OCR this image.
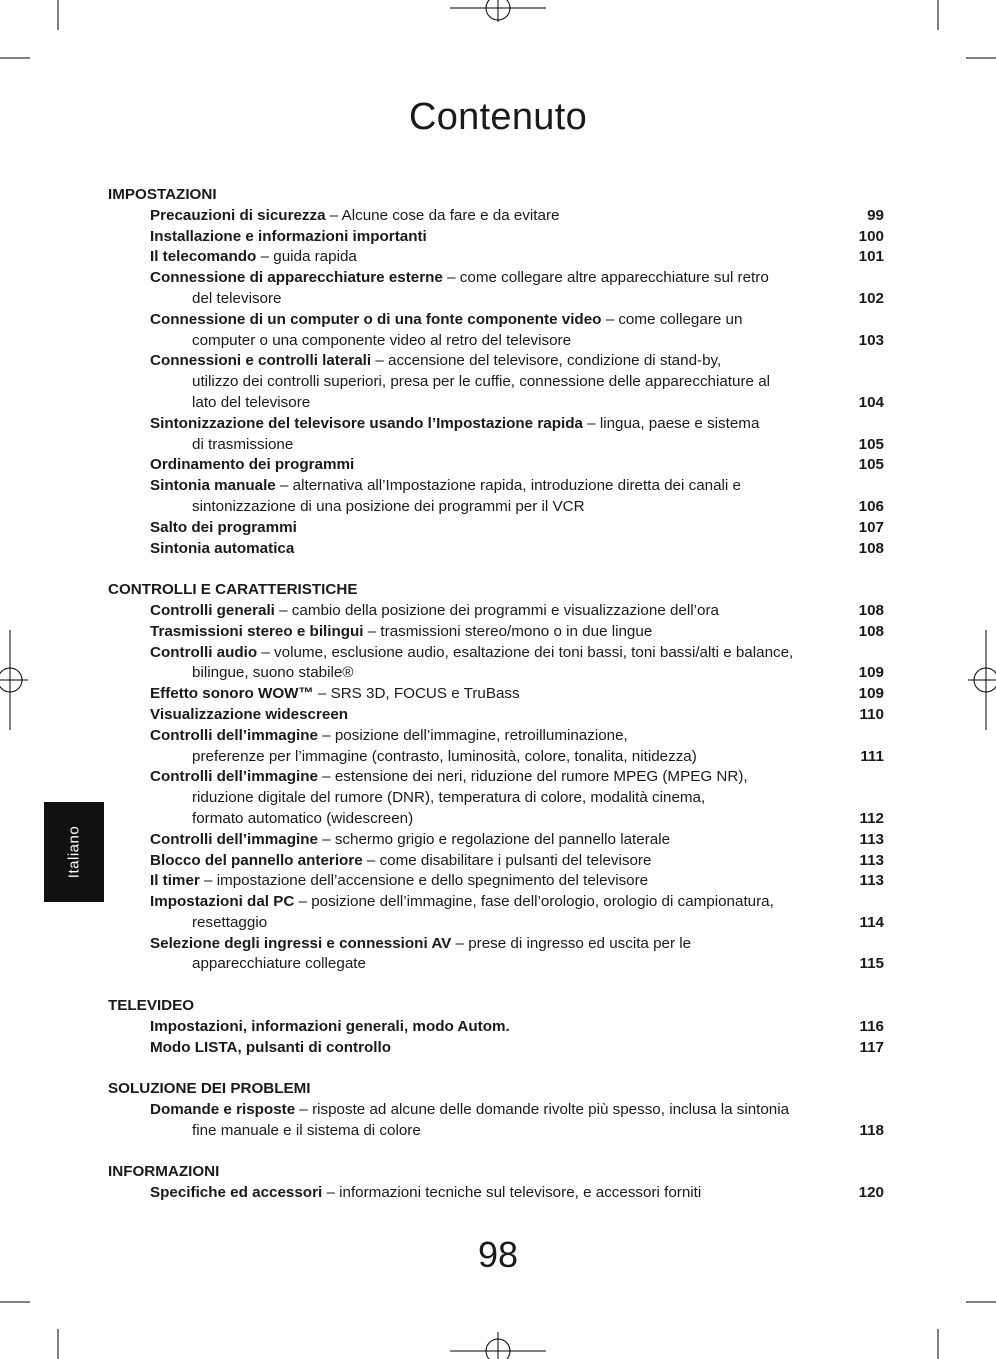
Contenuto
IMPOSTAZIONI
Precauzioni di sicurezza – Alcune cose da fare e da evitare	99
Installazione e informazioni importanti	100
Il telecomando – guida rapida	101
Connessione di apparecchiature esterne – come collegare altre apparecchiature sul retro
del televisore	102
Connessione di un computer o di una fonte componente video – come collegare un
computer o una componente video al retro del televisore	103
Connessioni e controlli laterali – accensione del televisore, condizione di stand-by,
utilizzo dei controlli superiori, presa per le cuffie, connessione delle apparecchiature al
lato del televisore	104
Sintonizzazione del televisore usando l’Impostazione rapida – lingua, paese e sistema
di trasmissione	105
Ordinamento dei programmi	105
Sintonia manuale – alternativa all’Impostazione rapida, introduzione diretta dei canali e
sintonizzazione di una posizione dei programmi per il VCR	106
Salto dei programmi	107
Sintonia automatica	108
CONTROLLI E CARATTERISTICHE
Controlli generali – cambio della posizione dei programmi e visualizzazione dell’ora	108
Trasmissioni stereo e bilingui – trasmissioni stereo/mono o in due lingue	108
Controlli audio – volume, esclusione audio, esaltazione dei toni bassi, toni bassi/alti e balance,
bilingue, suono stabile®	109
Effetto sonoro WOW™ – SRS 3D, FOCUS e TruBass	109
Visualizzazione widescreen	110
Controlli dell’immagine – posizione dell’immagine, retroilluminazione,
preferenze per l’immagine (contrasto, luminosità, colore, tonalita, nitidezza)	111
Controlli dell’immagine – estensione dei neri, riduzione del rumore MPEG (MPEG NR),
riduzione digitale del rumore (DNR), temperatura di colore, modalità cinema,
formato automatico (widescreen)	112
Controlli dell’immagine – schermo grigio e regolazione del pannello laterale	113
Blocco del pannello anteriore – come disabilitare i pulsanti del televisore	113
Il timer – impostazione dell’accensione e dello spegnimento del televisore	113
Impostazioni dal PC – posizione dell’immagine, fase dell’orologio, orologio di campionatura,
resettaggio	114
Selezione degli ingressi e connessioni AV – prese di ingresso ed uscita per le
apparecchiature collegate	115
TELEVIDEO
Impostazioni, informazioni generali, modo Autom.	116
Modo LISTA, pulsanti di controllo	117
SOLUZIONE DEI PROBLEMI
Domande e risposte – risposte ad alcune delle domande rivolte più spesso, inclusa la sintonia
fine manuale e il sistema di colore	118
INFORMAZIONI
Specifiche ed accessori – informazioni tecniche sul televisore, e accessori forniti	120
Italiano
98
